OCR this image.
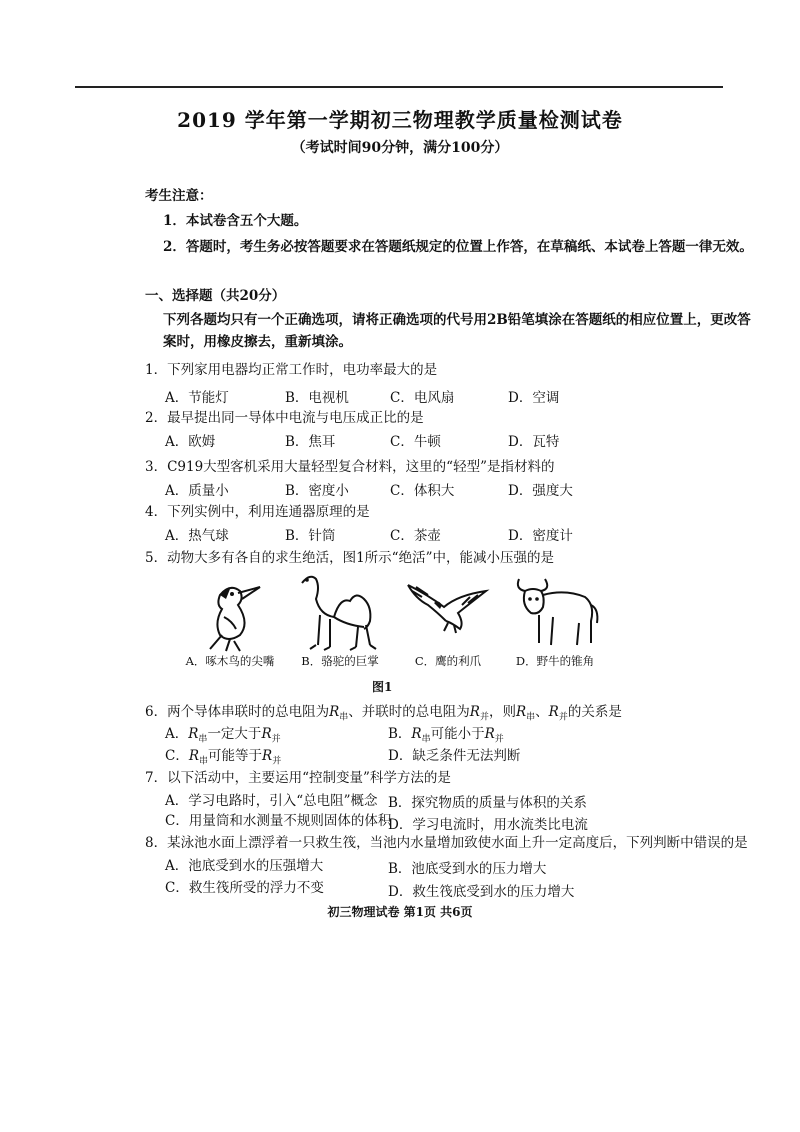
2019 学年第一学期初三物理教学质量检测试卷
（考试时间90分钟，满分100分）
考生注意：
1．本试卷含五个大题。
2．答题时，考生务必按答题要求在答题纸规定的位置上作答，在草稿纸、本试卷上答题一律无效。
一、选择题（共20分）
下列各题均只有一个正确选项，请将正确选项的代号用2B铅笔填涂在答题纸的相应位置上，更改答
案时，用橡皮擦去，重新填涂。
1．下列家用电器均正常工作时，电功率最大的是
A．节能灯	B．电视机	C．电风扇	D．空调
2．最早提出同一导体中电流与电压成正比的是
A．欧姆	B．焦耳	C．牛顿	D．瓦特
3．C919大型客机采用大量轻型复合材料，这里的“轻型”是指材料的
A．质量小	B．密度小	C．体积大	D．强度大
4．下列实例中，利用连通器原理的是
A．热气球	B．针筒	C．茶壶	D．密度计
5．动物大多有各自的求生绝活，图1所示“绝活”中，能减小压强的是
A．啄木鸟的尖嘴	B．骆驼的巨掌	C．鹰的利爪	D．野牛的锥角
图1
6．两个导体串联时的总电阻为$R_串$、并联时的总电阻为$R_并$，则$R_串$、$R_并$的关系是
A．$R_串$一定大于$R_并$	B．$R_串$可能小于$R_并$
C．$R_串$可能等于$R_并$	D．缺乏条件无法判断
7．以下活动中，主要运用“控制变量”科学方法的是
A．学习电路时，引入“总电阻”概念 B．探究物质的质量与体积的关系
C．用量筒和水测量不规则固体的体积
D．学习电流时，用水流类比电流
8．某泳池水面上漂浮着一只救生筏，当池内水量增加致使水面上升一定高度后，下列判断中错误的是
A．池底受到水的压强增大	B．池底受到水的压力增大
C．救生筏所受的浮力不变	D．救生筏底受到水的压力增大
初三物理试卷 第1页 共6页
